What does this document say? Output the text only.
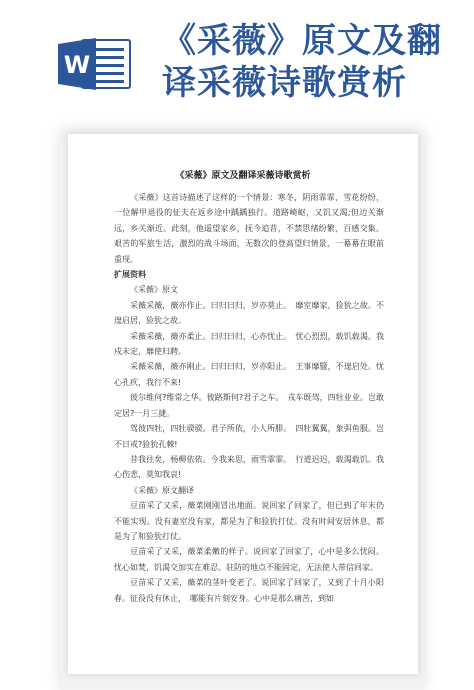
W
《采薇》原文及翻
译采薇诗歌赏析
《采薇》原文及翻译采薇诗歌赏析

《采薇》这首诗描述了这样的一个情景：寒冬，阴雨霏霏，雪花纷纷，一位解甲退役的征夫在返乡途中踽踽独行。道路崎岖，又饥又渴;但边关渐远，乡关渐近。此刻，他遥望家乡，抚今追昔，不禁思绪纷繁，百感交集。艰苦的军旅生活，激烈的战斗场面，无数次的登高望归情景，一幕幕在眼前重现。

扩展资料

《采薇》原文

采薇采薇，薇亦作止。曰归曰归，岁亦莫止。　靡室靡家，猃狁之故。不遑启居，猃狁之故。

采薇采薇，薇亦柔止。曰归曰归，心亦忧止。　忧心烈烈，载饥载渴。我戍未定，靡使归聘。

采薇采薇，薇亦刚止。曰归曰归，岁亦阳止。　王事靡盬，不遑启处。忧心孔疚，我行不来!

彼尔维何?维常之华。彼路斯何?君子之车。　戎车既驾，四牡业业。岂敢定居?一月三捷。

驾彼四牡，四牡骙骙。君子所依，小人所腓。　四牡翼翼，象弭鱼服。岂不日戒?猃狁孔棘!

昔我往矣，杨柳依依。今我来思，雨雪霏霏。　行道迟迟，载渴载饥。我心伤悲，莫知我哀!

《采薇》原文翻译

豆苗采了又采，薇菜刚刚冒出地面。说回家了回家了，但已到了年末仍不能实现。没有妻室没有家，都是为了和猃狁打仗。没有时间安居休息，都是为了和猃狁打仗。

豆苗采了又采，薇菜柔嫩的样子。说回家了回家了，心中是多么忧闷。忧心如焚，饥渴交加实在难忍。驻防的地点不能固定，无法使人带信回家。

豆苗采了又采，薇菜的茎叶变老了。说回家了回家了，又到了十月小阳春。征役没有休止，　哪能有片刻安身。心中是那么痛苦，到如
